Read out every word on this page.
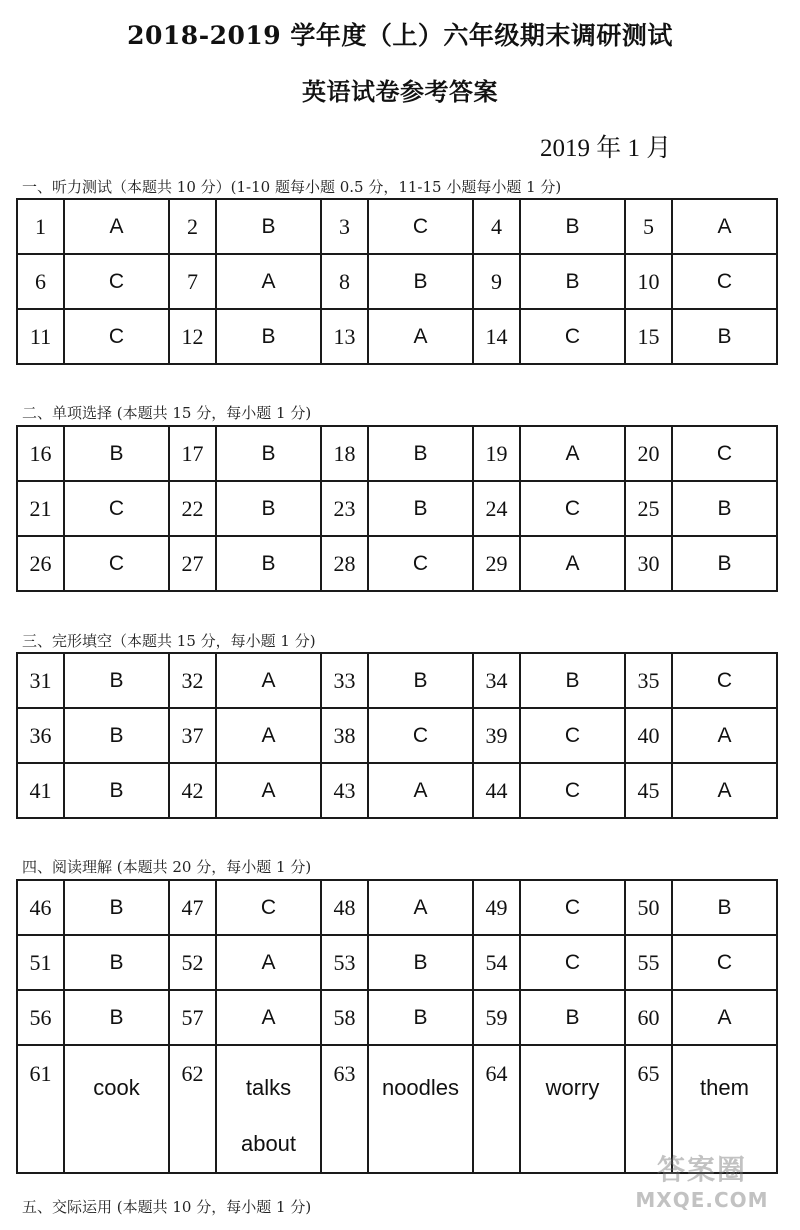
2018-2019 学年度（上）六年级期末调研测试
英语试卷参考答案
2019 年 1 月
一、听力测试（本题共 10 分）(1-10 题每小题 0.5 分，11-15 小题每小题 1 分)
1	A	2	B	3	C	4	B	5	A
6	C	7	A	8	B	9	B	10	C
11	C	12	B	13	A	14	C	15	B
二、单项选择 (本题共 15 分，每小题 1 分)
16	B	17	B	18	B	19	A	20	C
21	C	22	B	23	B	24	C	25	B
26	C	27	B	28	C	29	A	30	B
三、完形填空（本题共 15 分，每小题 1 分)
31	B	32	A	33	B	34	B	35	C
36	B	37	A	38	C	39	C	40	A
41	B	42	A	43	A	44	C	45	A
四、阅读理解 (本题共 20 分，每小题 1 分)
46	B	47	C	48	A	49	C	50	B
51	B	52	A	53	B	54	C	55	C
56	B	57	A	58	B	59	B	60	A
61	cook	62	talks about	63	noodles	64	worry	65	them
五、交际运用 (本题共 10 分，每小题 1 分)
答案圈
MXQE.COM
